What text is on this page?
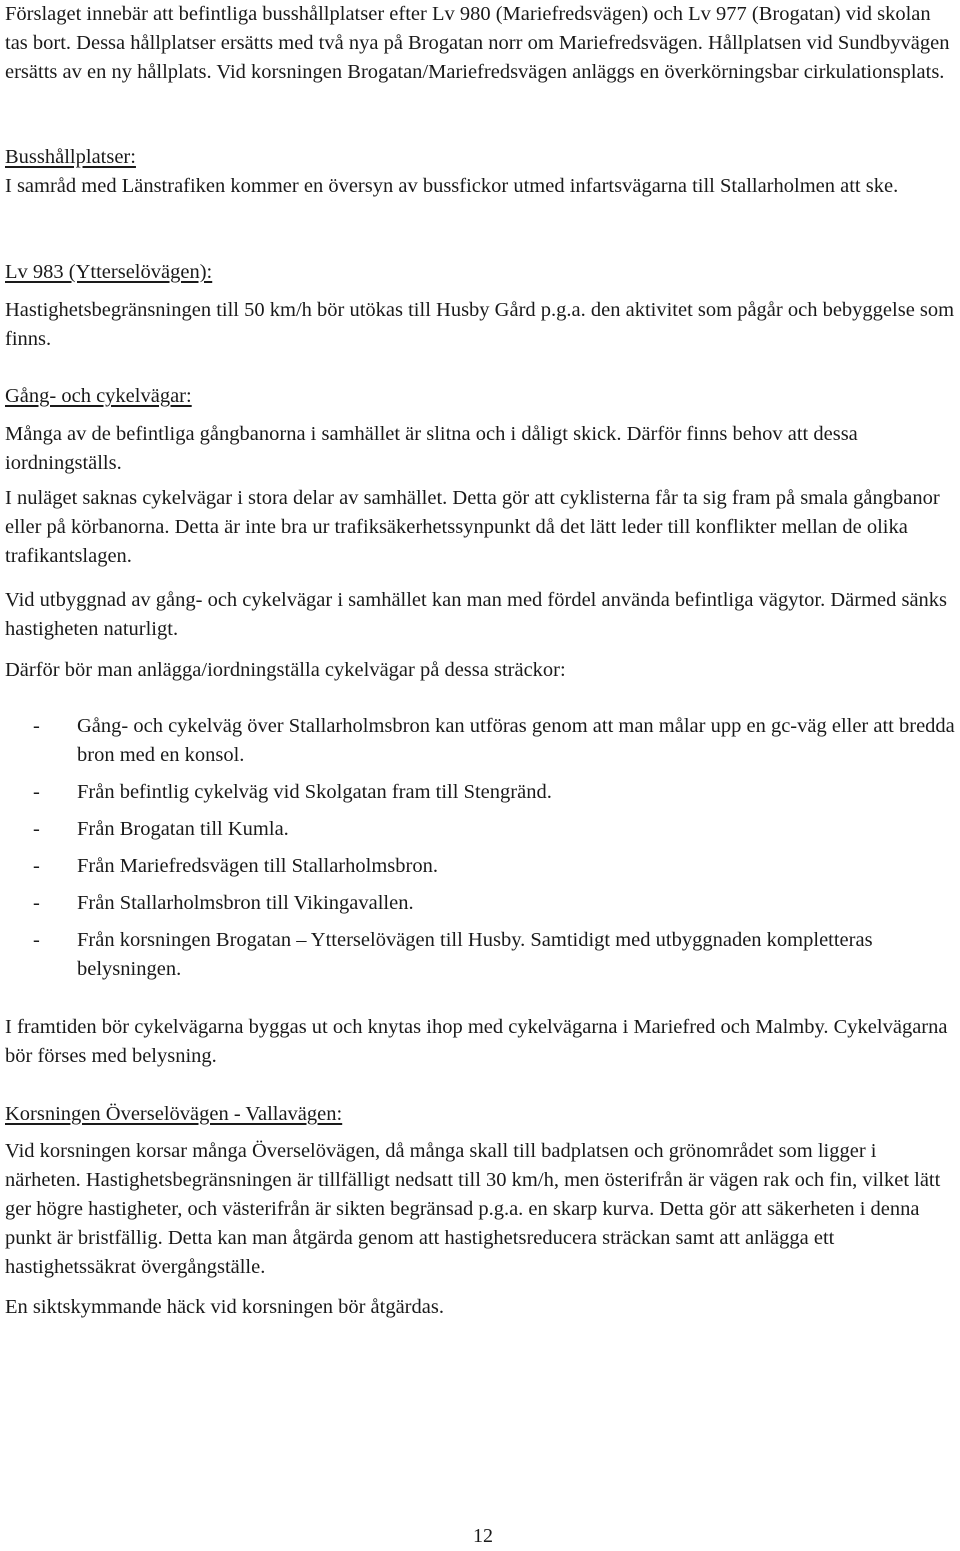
Förslaget innebär att befintliga busshållplatser efter Lv 980 (Mariefredsvägen) och Lv 977 (Brogatan) vid skolan tas bort. Dessa hållplatser ersätts med två nya på Brogatan norr om Mariefredsvägen. Hållplatsen vid Sundbyvägen ersätts av en ny hållplats. Vid korsningen Brogatan/Mariefredsvägen anläggs en överkörningsbar cirkulationsplats.

Busshållplatser:

I samråd med Länstrafiken kommer en översyn av bussfickor utmed infartsvägarna till Stallarholmen att ske.

Lv 983 (Ytterselövägen):

Hastighetsbegränsningen till 50 km/h bör utökas till Husby Gård p.g.a. den aktivitet som pågår och bebyggelse som finns.

Gång- och cykelvägar:

Många av de befintliga gångbanorna i samhället är slitna och i dåligt skick. Därför finns behov att dessa iordningställs.

I nuläget saknas cykelvägar i stora delar av samhället. Detta gör att cyklisterna får ta sig fram på smala gångbanor eller på körbanorna. Detta är inte bra ur trafiksäkerhetssynpunkt då det lätt leder till konflikter mellan de olika trafikantslagen.

Vid utbyggnad av gång- och cykelvägar i samhället kan man med fördel använda befintliga vägytor. Därmed sänks hastigheten naturligt.

Därför bör man anlägga/iordningställa cykelvägar på dessa sträckor:

- Gång- och cykelväg över Stallarholmsbron kan utföras genom att man målar upp en gc-väg eller att bredda bron med en konsol.
- Från befintlig cykelväg vid Skolgatan fram till Stengränd.
- Från Brogatan till Kumla.
- Från Mariefredsvägen till Stallarholmsbron.
- Från Stallarholmsbron till Vikingavallen.
- Från korsningen Brogatan – Ytterselövägen till Husby. Samtidigt med utbyggnaden kompletteras belysningen.

I framtiden bör cykelvägarna byggas ut och knytas ihop med cykelvägarna i Mariefred och Malmby. Cykelvägarna bör förses med belysning.

Korsningen Överselövägen - Vallavägen:

Vid korsningen korsar många Överselövägen, då många skall till badplatsen och grönområdet som ligger i närheten. Hastighetsbegränsningen är tillfälligt nedsatt till 30 km/h, men österifrån är vägen rak och fin, vilket lätt ger högre hastigheter, och västerifrån är sikten begränsad p.g.a. en skarp kurva. Detta gör att säkerheten i denna punkt är bristfällig. Detta kan man åtgärda genom att hastighetsreducera sträckan samt att anlägga ett hastighetssäkrat övergångställe.

En siktskymmande häck vid korsningen bör åtgärdas.

12
